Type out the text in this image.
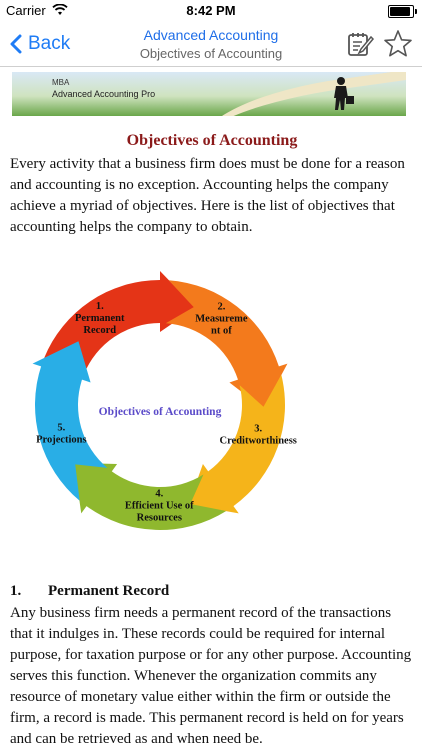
Carrier	8:42 PM
Back	Advanced Accounting
Objectives of Accounting
MBA
Advanced Accounting Pro
Objectives of Accounting

Every activity that a business firm does must be done for a reason and accounting is no exception. Accounting helps the company achieve a myriad of objectives. Here is the list of objectives that accounting helps the company to obtain.

Objectives of Accounting
1. Permanent Record
2. Measureme nt of
3. Creditworthiness
4. Efficient Use of Resources
5. Projections
1. Permanent Record

Any business firm needs a permanent record of the transactions that it indulges in. These records could be required for internal purpose, for taxation purpose or for any other purpose. Accounting serves this function. Whenever the organization commits any resource of monetary value either within the firm or outside the firm, a record is made. This permanent record is held on for years and can be retrieved as and when need be.
